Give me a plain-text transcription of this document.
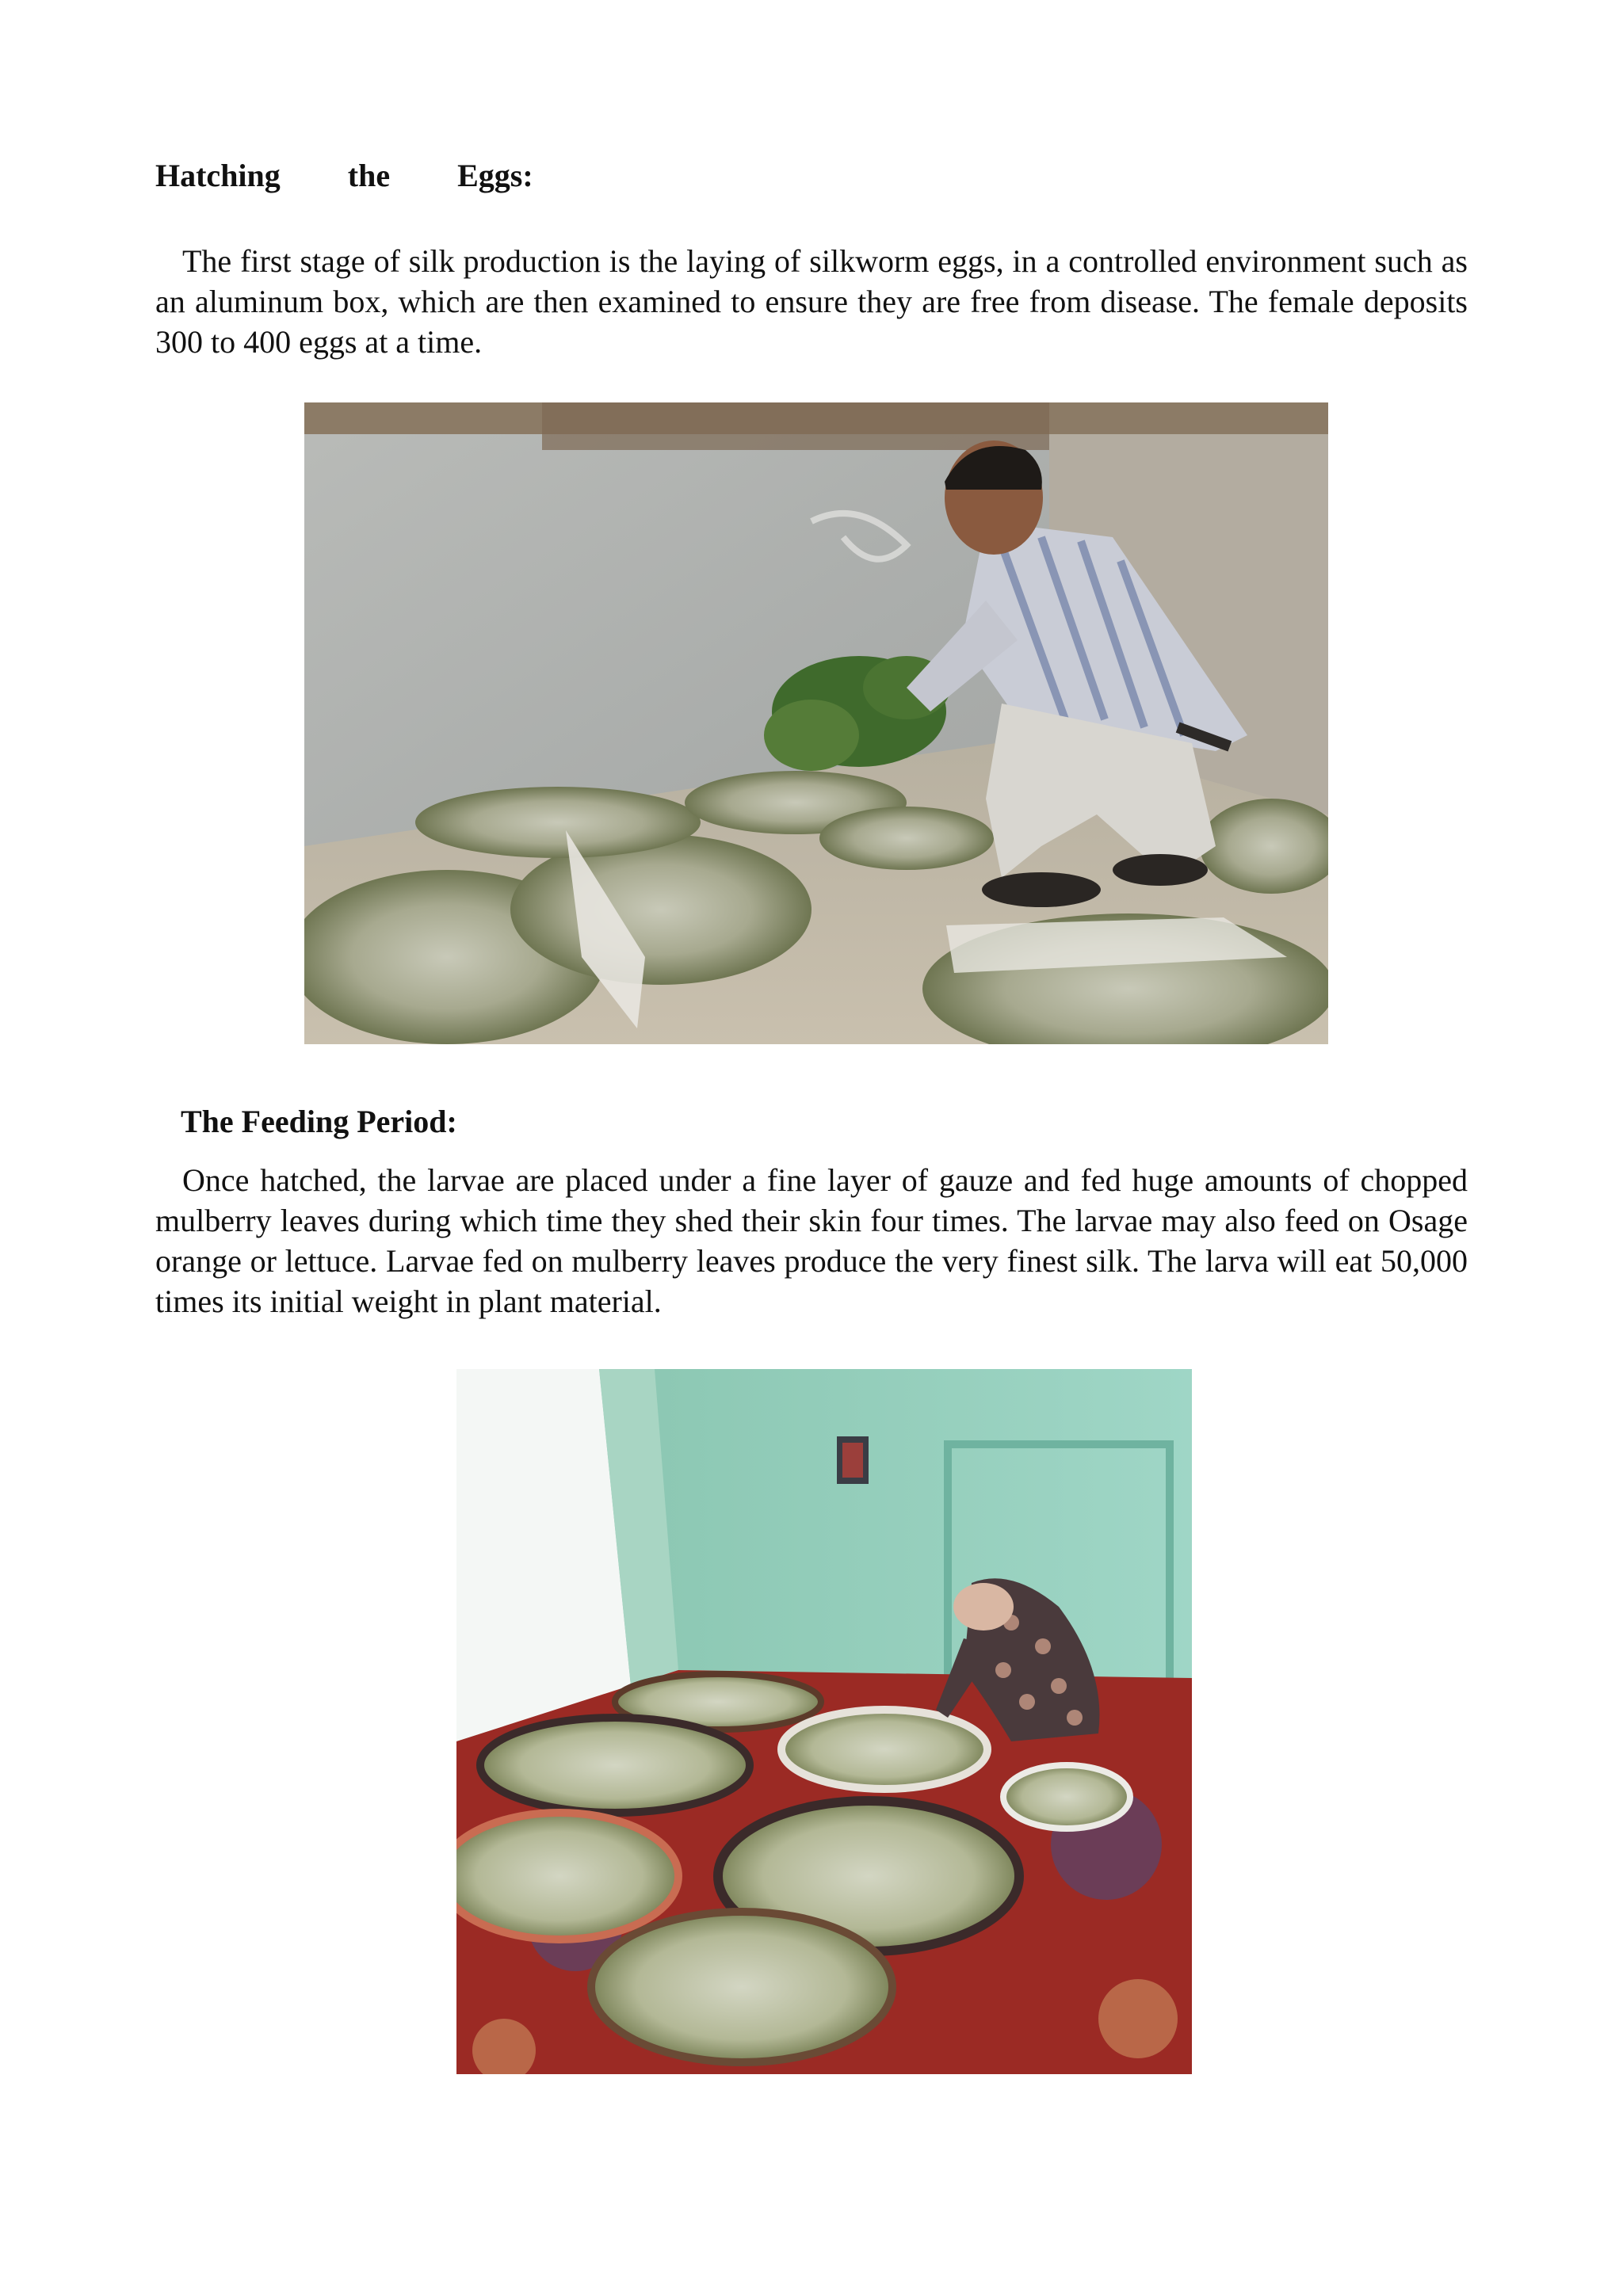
Hatching the Eggs:

The first stage of silk production is the laying of silkworm eggs, in a controlled environment such as an aluminum box, which are then examined to ensure they are free from disease. The female deposits 300 to 400 eggs at a time.

The Feeding Period:

Once hatched, the larvae are placed under a fine layer of gauze and fed huge amounts of chopped mulberry leaves during which time they shed their skin four times. The larvae may also feed on Osage orange or lettuce. Larvae fed on mulberry leaves produce the very finest silk. The larva will eat 50,000 times its initial weight in plant material.
